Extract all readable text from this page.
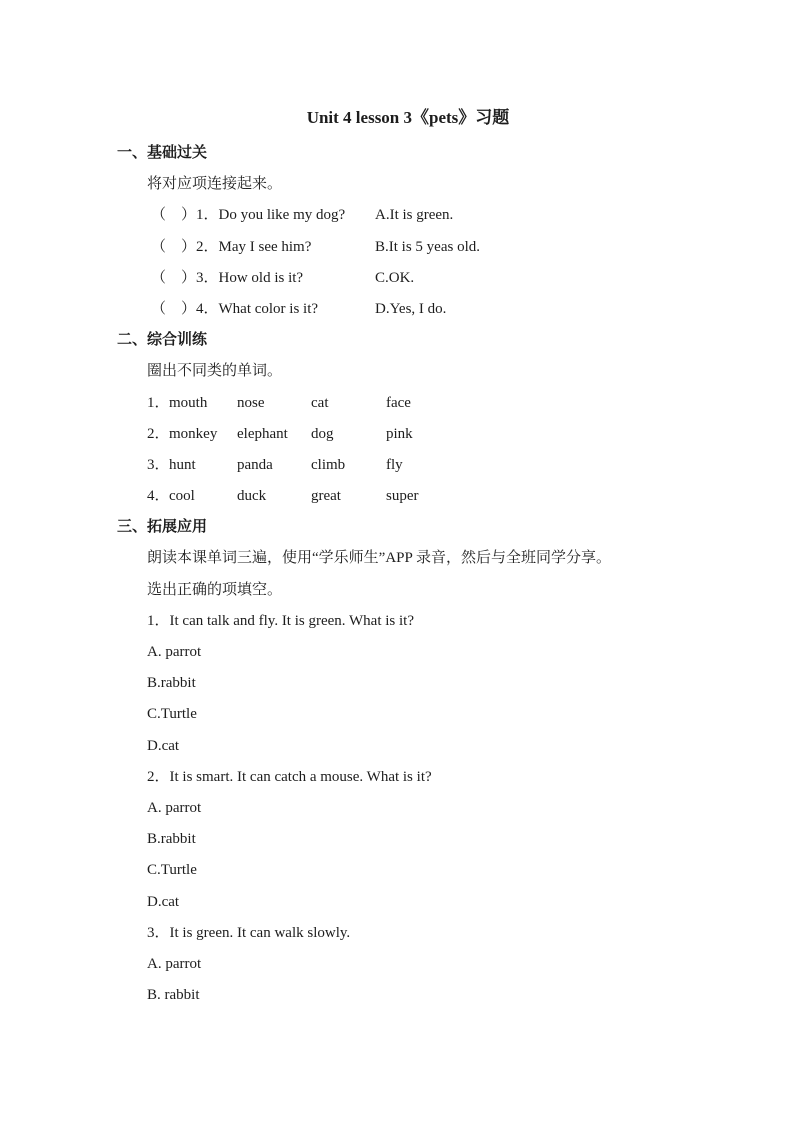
Unit 4 lesson 3《pets》习题
一、基础过关
将对应项连接起来。
（　）1．Do you like my dog?	A.It is green.
（　）2．May I see him?	B.It is 5 yeas old.
（　）3．How old is it?	C.OK.
（　）4．What color is it?	D.Yes, I do.
二、综合训练
圈出不同类的单词。
1． mouth	nose	cat	face
2． monkey	elephant	dog	pink
3． hunt	panda	climb	fly
4． cool	duck	great	super
三、拓展应用
朗读本课单词三遍，使用“学乐师生”APP 录音，然后与全班同学分享。
选出正确的项填空。
1．It can talk and fly. It is green. What is it?
A. parrot
B.rabbit
C.Turtle
D.cat
2．It is smart. It can catch a mouse. What is it?
A. parrot
B.rabbit
C.Turtle
D.cat
3．It is green. It can walk slowly.
A. parrot
B. rabbit
